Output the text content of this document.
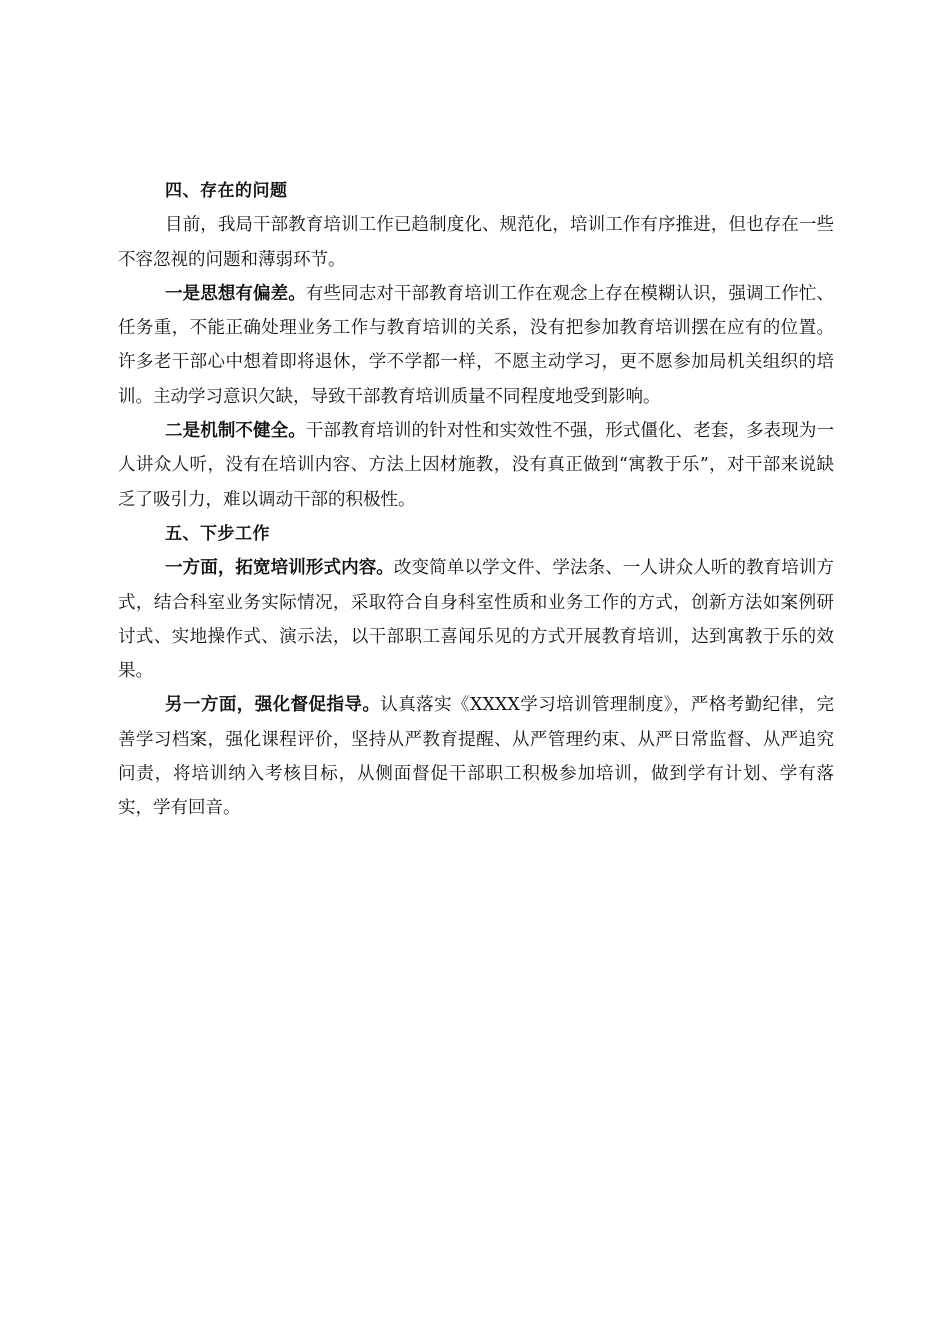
四、存在的问题

目前，我局干部教育培训工作已趋制度化、规范化，培训工作有序推进，但也存在一些不容忽视的问题和薄弱环节。

一是思想有偏差。有些同志对干部教育培训工作在观念上存在模糊认识，强调工作忙、任务重，不能正确处理业务工作与教育培训的关系，没有把参加教育培训摆在应有的位置。许多老干部心中想着即将退休，学不学都一样，不愿主动学习，更不愿参加局机关组织的培训。主动学习意识欠缺，导致干部教育培训质量不同程度地受到影响。

二是机制不健全。干部教育培训的针对性和实效性不强，形式僵化、老套，多表现为一人讲众人听，没有在培训内容、方法上因材施教，没有真正做到“寓教于乐”，对干部来说缺乏了吸引力，难以调动干部的积极性。

五、下步工作

一方面，拓宽培训形式内容。改变简单以学文件、学法条、一人讲众人听的教育培训方式，结合科室业务实际情况，采取符合自身科室性质和业务工作的方式，创新方法如案例研讨式、实地操作式、演示法，以干部职工喜闻乐见的方式开展教育培训，达到寓教于乐的效果。

另一方面，强化督促指导。认真落实《XXXX学习培训管理制度》，严格考勤纪律，完善学习档案，强化课程评价，坚持从严教育提醒、从严管理约束、从严日常监督、从严追究问责，将培训纳入考核目标，从侧面督促干部职工积极参加培训，做到学有计划、学有落实，学有回音。
